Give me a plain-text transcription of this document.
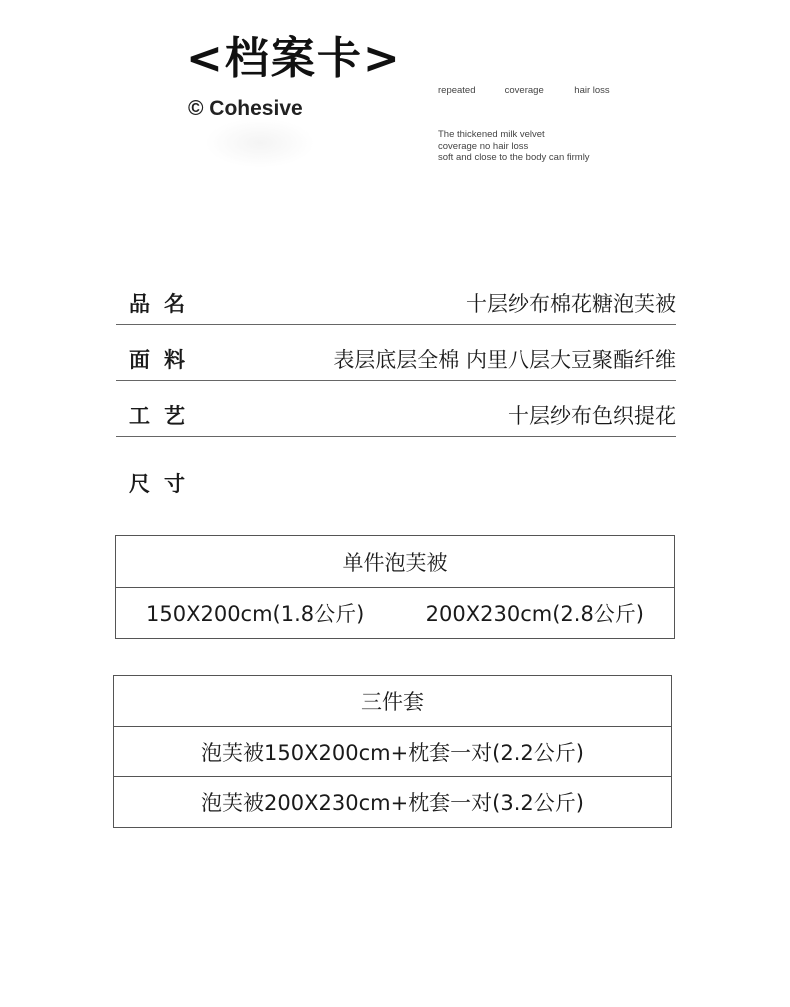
<档案卡>
© Cohesive
repeated	coverage	hair loss
The thickened milk velvet
coverage no hair loss
soft and close to the body can firmly
品名	十层纱布棉花糖泡芙被
面料	表层底层全棉 内里八层大豆聚酯纤维
工艺	十层纱布色织提花
尺寸
单件泡芙被
150X200cm(1.8公斤)	200X230cm(2.8公斤)
三件套
泡芙被150X200cm+枕套一对(2.2公斤)
泡芙被200X230cm+枕套一对(3.2公斤)
